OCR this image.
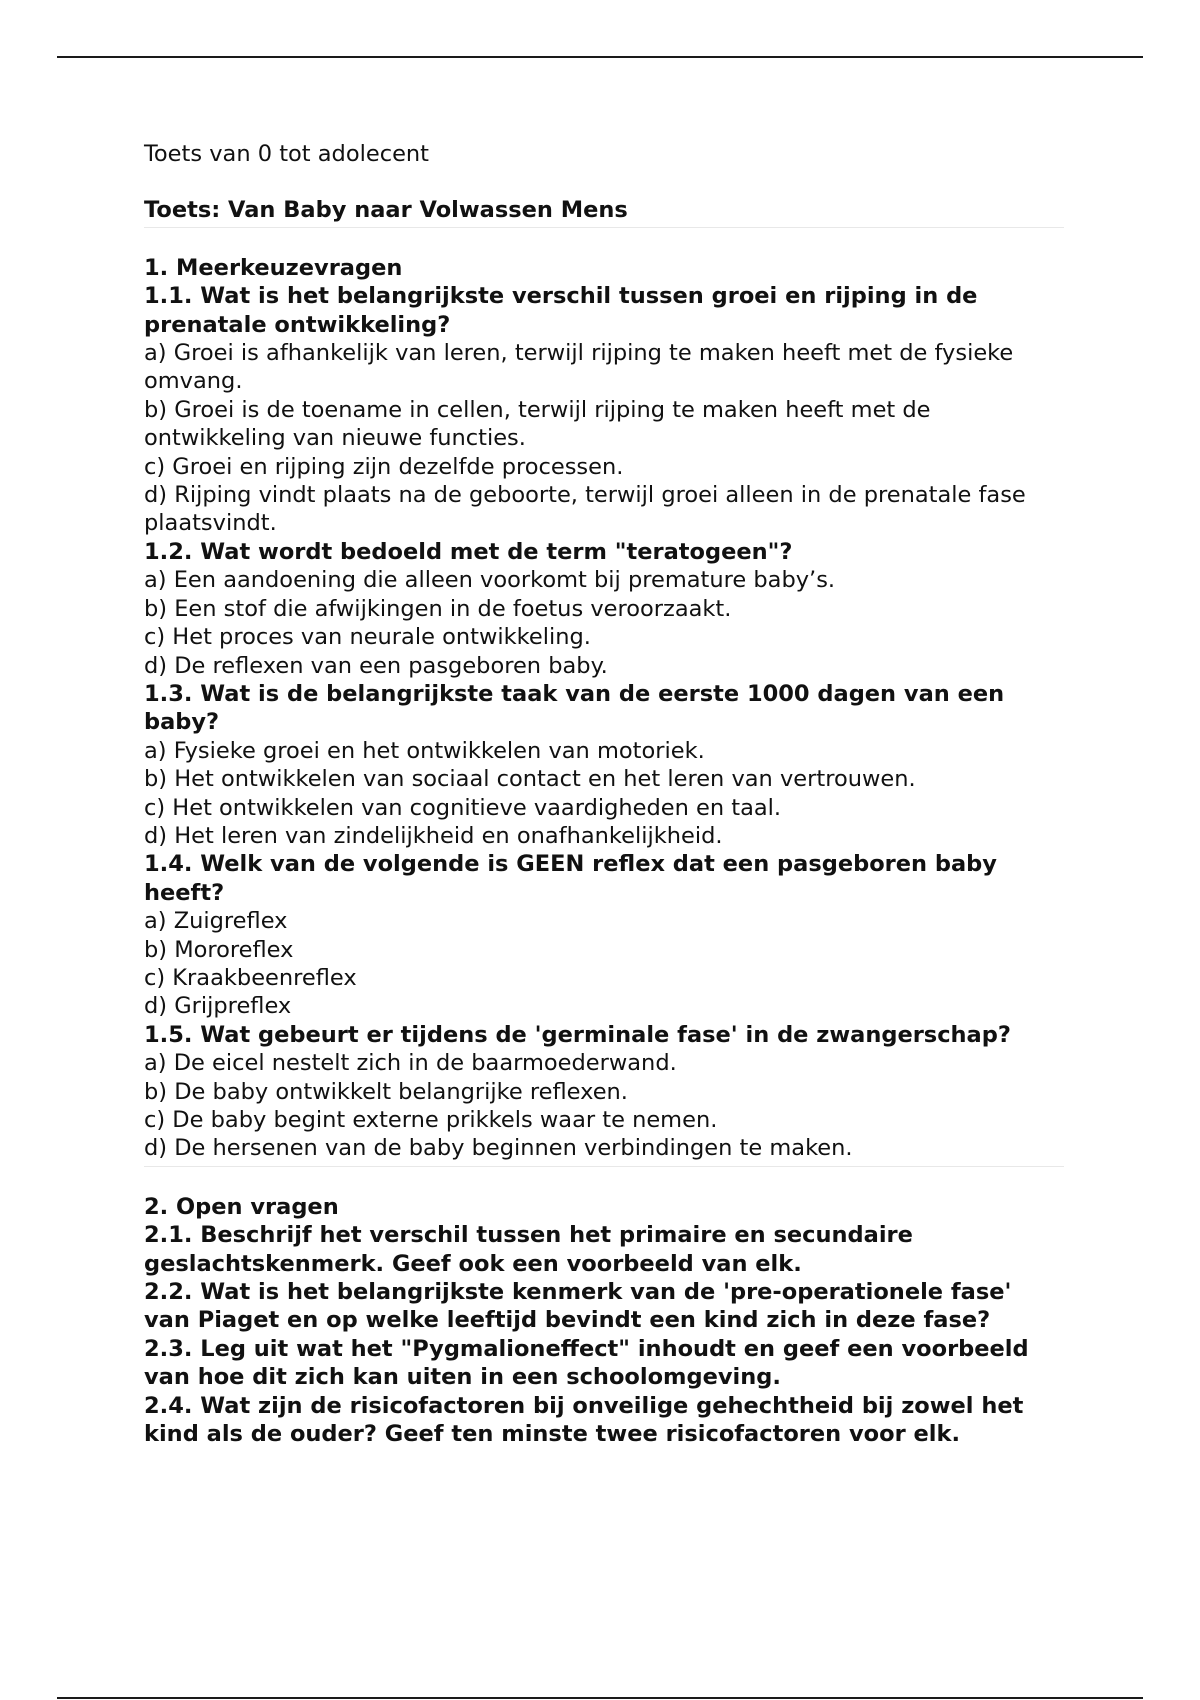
Toets van 0 tot adolecent
Toets: Van Baby naar Volwassen Mens
1. Meerkeuzevragen
1.1. Wat is het belangrijkste verschil tussen groei en rijping in de prenatale ontwikkeling?
a) Groei is afhankelijk van leren, terwijl rijping te maken heeft met de fysieke omvang.
b) Groei is de toename in cellen, terwijl rijping te maken heeft met de ontwikkeling van nieuwe functies.
c) Groei en rijping zijn dezelfde processen.
d) Rijping vindt plaats na de geboorte, terwijl groei alleen in de prenatale fase plaatsvindt.
1.2. Wat wordt bedoeld met de term "teratogeen"?
a) Een aandoening die alleen voorkomt bij premature baby’s.
b) Een stof die afwijkingen in de foetus veroorzaakt.
c) Het proces van neurale ontwikkeling.
d) De reflexen van een pasgeboren baby.
1.3. Wat is de belangrijkste taak van de eerste 1000 dagen van een baby?
a) Fysieke groei en het ontwikkelen van motoriek.
b) Het ontwikkelen van sociaal contact en het leren van vertrouwen.
c) Het ontwikkelen van cognitieve vaardigheden en taal.
d) Het leren van zindelijkheid en onafhankelijkheid.
1.4. Welk van de volgende is GEEN reflex dat een pasgeboren baby heeft?
a) Zuigreflex
b) Mororeflex
c) Kraakbeenreflex
d) Grijpreflex
1.5. Wat gebeurt er tijdens de 'germinale fase' in de zwangerschap?
a) De eicel nestelt zich in de baarmoederwand.
b) De baby ontwikkelt belangrijke reflexen.
c) De baby begint externe prikkels waar te nemen.
d) De hersenen van de baby beginnen verbindingen te maken.
2. Open vragen
2.1. Beschrijf het verschil tussen het primaire en secundaire geslachtskenmerk. Geef ook een voorbeeld van elk.
2.2. Wat is het belangrijkste kenmerk van de 'pre-operationele fase' van Piaget en op welke leeftijd bevindt een kind zich in deze fase?
2.3. Leg uit wat het "Pygmalioneffect" inhoudt en geef een voorbeeld van hoe dit zich kan uiten in een schoolomgeving.
2.4. Wat zijn de risicofactoren bij onveilige gehechtheid bij zowel het kind als de ouder? Geef ten minste twee risicofactoren voor elk.
